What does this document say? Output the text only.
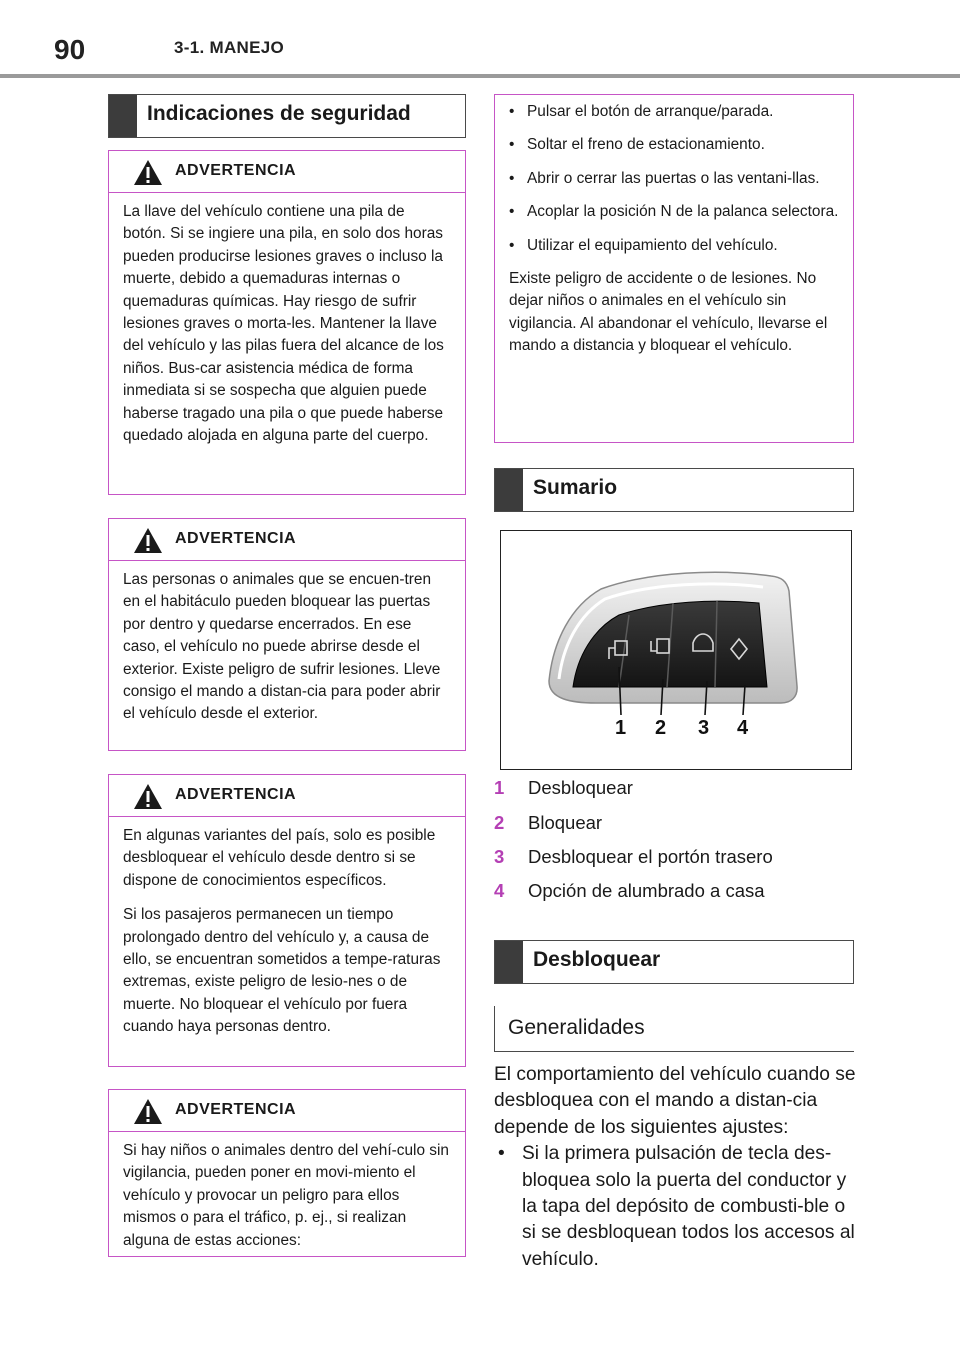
90	3-1. MANEJO
Indicaciones de seguridad
ADVERTENCIA

La llave del vehículo contiene una pila de botón. Si se ingiere una pila, en solo dos horas pueden producirse lesiones graves o incluso la muerte, debido a quemaduras internas o quemaduras químicas. Hay riesgo de sufrir lesiones graves o morta-les. Mantener la llave del vehículo y las pilas fuera del alcance de los niños. Bus-car asistencia médica de forma inmediata si se sospecha que alguien puede haberse tragado una pila o que puede haberse quedado alojada en alguna parte del cuerpo.

ADVERTENCIA

Las personas o animales que se encuen-tren en el habitáculo pueden bloquear las puertas por dentro y quedarse encerrados. En ese caso, el vehículo no puede abrirse desde el exterior. Existe peligro de sufrir lesiones. Lleve consigo el mando a distan-cia para poder abrir el vehículo desde el exterior.

ADVERTENCIA

En algunas variantes del país, solo es posible desbloquear el vehículo desde dentro si se dispone de conocimientos específicos.

Si los pasajeros permanecen un tiempo prolongado dentro del vehículo y, a causa de ello, se encuentran sometidos a tempe-raturas extremas, existe peligro de lesio-nes o de muerte. No bloquear el vehículo por fuera cuando haya personas dentro.

ADVERTENCIA

Si hay niños o animales dentro del vehí-culo sin vigilancia, pueden poner en movi-miento el vehículo y provocar un peligro para ellos mismos o para el tráfico, p. ej., si realizan alguna de estas acciones:

• Pulsar el botón de arranque/parada.
• Soltar el freno de estacionamiento.
• Abrir o cerrar las puertas o las ventani-llas.
• Acoplar la posición N de la palanca selectora.
• Utilizar el equipamiento del vehículo.

Existe peligro de accidente o de lesiones. No dejar niños o animales en el vehículo sin vigilancia. Al abandonar el vehículo, llevarse el mando a distancia y bloquear el vehículo.

Sumario
1 2 3 4
1 Desbloquear
2 Bloquear
3 Desbloquear el portón trasero
4 Opción de alumbrado a casa
Desbloquear
Generalidades

El comportamiento del vehículo cuando se desbloquea con el mando a distan-cia depende de los siguientes ajustes:

• Si la primera pulsación de tecla des-bloquea solo la puerta del conductor y la tapa del depósito de combusti-ble o si se desbloquean todos los accesos al vehículo.
